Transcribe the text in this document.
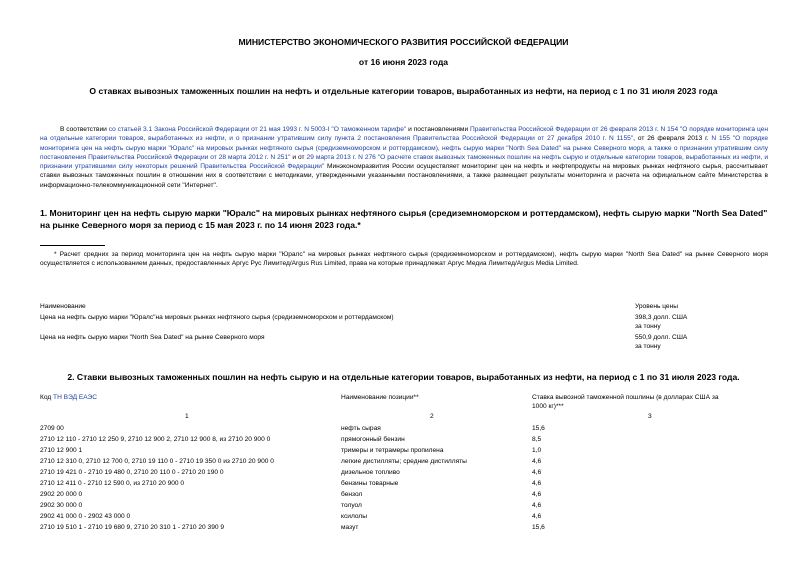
МИНИСТЕРСТВО ЭКОНОМИЧЕСКОГО РАЗВИТИЯ РОССИЙСКОЙ ФЕДЕРАЦИИ
от 16 июня 2023 года
О ставках вывозных таможенных пошлин на нефть и отдельные категории товаров, выработанных из нефти, на период с 1 по 31 июля 2023 года
В соответствии со статьей 3.1 Закона Российской Федерации от 21 мая 1993 г. N 5003-I "О таможенном тарифе" и постановлениями Правительства Российской Федерации от 26 февраля 2013 г. N 154 "О порядке мониторинга цен на отдельные категории товаров, выработанных из нефти, и о признании утратившим силу пункта 2 постановления Правительства Российской Федерации от 27 декабря 2010 г. N 1155", от 26 февраля 2013 г. N 155 "О порядке мониторинга цен на нефть сырую марки "Юралс" на мировых рынках нефтяного сырья (средиземноморском и роттердамском), нефть сырую марки "North Sea Dated" на рынке Северного моря, а также о признании утратившим силу постановления Правительства Российской Федерации от 28 марта 2012 г. N 251" и от 29 марта 2013 г. N 276 "О расчете ставок вывозных таможенных пошлин на нефть сырую и отдельные категории товаров, выработанных из нефти, и признании утратившими силу некоторых решений Правительства Российской Федерации" Минэкономразвития России осуществляет мониторинг цен на нефть и нефтепродукты на мировых рынках нефтяного сырья, рассчитывает ставки вывозных таможенных пошлин в отношении них в соответствии с методиками, утвержденными указанными постановлениями, а также размещает результаты мониторинга и расчета на официальном сайте Министерства в информационно-телекоммуникационной сети "Интернет".
1. Мониторинг цен на нефть сырую марки "Юралс" на мировых рынках нефтяного сырья (средиземноморском и роттердамском), нефть сырую марки "North Sea Dated" на рынке Северного моря за период с 15 мая 2023 г. по 14 июня 2023 года.*
* Расчет средних за период мониторинга цен на нефть сырую марки "Юралс" на мировых рынках нефтяного сырья (средиземноморском и роттердамском), нефть сырую марки "North Sea Dated" на рынке Северного моря осуществляется с использованием данных, предоставленных Аргус Рус Лимитед/Argus Rus Limited, права на которые принадлежат Аргус Медиа Лимитед/Argus Media Limited.
Наименование	Уровень цены
Цена на нефть сырую марки "Юралс"на мировых рынках нефтяного сырья (средиземноморском и роттердамском)	398,3 долл. США
за тонну
Цена на нефть сырую марки "North Sea Dated" на рынке Северного моря	550,9 долл. США
за тонну
2. Ставки вывозных таможенных пошлин на нефть сырую и на отдельные категории товаров, выработанных из нефти, на период с 1 по 31 июля 2023 года.
Код ТН ВЭД ЕАЭС	Наименование позиции**	Ставка вывозной таможенной пошлины (в долларах США за 1000 кг)***
1	2	3
2709 00	нефть сырая	15,6
2710 12 110 - 2710 12 250 9, 2710 12 900 2, 2710 12 900 8, из 2710 20 900 0	прямогонный бензин	8,5
2710 12 900 1	тримеры и тетрамеры пропилена	1,0
2710 12 310 0, 2710 12 700 0, 2710 19 110 0 - 2710 19 350 0 из 2710 20 900 0	легкие дистилляты; средние дистилляты	4,6
2710 19 421 0 - 2710 19 480 0, 2710 20 110 0 - 2710 20 190 0	дизельное топливо	4,6
2710 12 411 0 - 2710 12 590 0, из 2710 20 900 0	бензины товарные	4,6
2902 20 000 0	бензол	4,6
2902 30 000 0	толуол	4,6
2902 41 000 0 - 2902 43 000 0	ксилолы	4,6
2710 19 510 1 - 2710 19 680 9, 2710 20 310 1 - 2710 20 390 9	мазут	15,6
